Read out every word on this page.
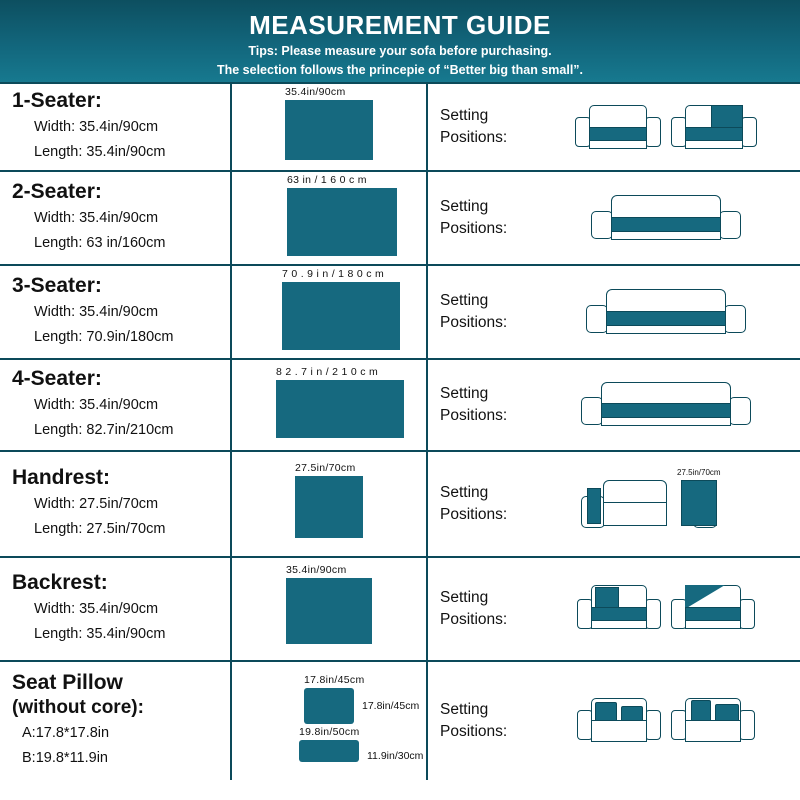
MEASUREMENT GUIDE

Tips: Please measure your sofa before purchasing.

The selection follows the princepie of “Better big than small”.

1-Seater:
Width: 35.4in/90cm
Length: 35.4in/90cm
35.4in/90cm
Setting
Positions:
2-Seater:
Width: 35.4in/90cm
Length: 63 in/160cm
63 in / 1 6 0 c m
Setting
Positions:
3-Seater:
Width: 35.4in/90cm
Length: 70.9in/180cm
7 0 . 9 i n / 1 8 0 c m
Setting
Positions:
4-Seater:
Width: 35.4in/90cm
Length: 82.7in/210cm
8 2 . 7 i n / 2 1 0 c m
Setting
Positions:
Handrest:
Width: 27.5in/70cm
Length: 27.5in/70cm
27.5in/70cm
Setting
Positions:
27.5in/70cm
Backrest:
Width: 35.4in/90cm
Length: 35.4in/90cm
35.4in/90cm
Setting
Positions:
Seat Pillow
(without core):
A:17.8*17.8in
B:19.8*11.9in
17.8in/45cm
17.8in/45cm
19.8in/50cm
11.9in/30cm
Setting
Positions:
